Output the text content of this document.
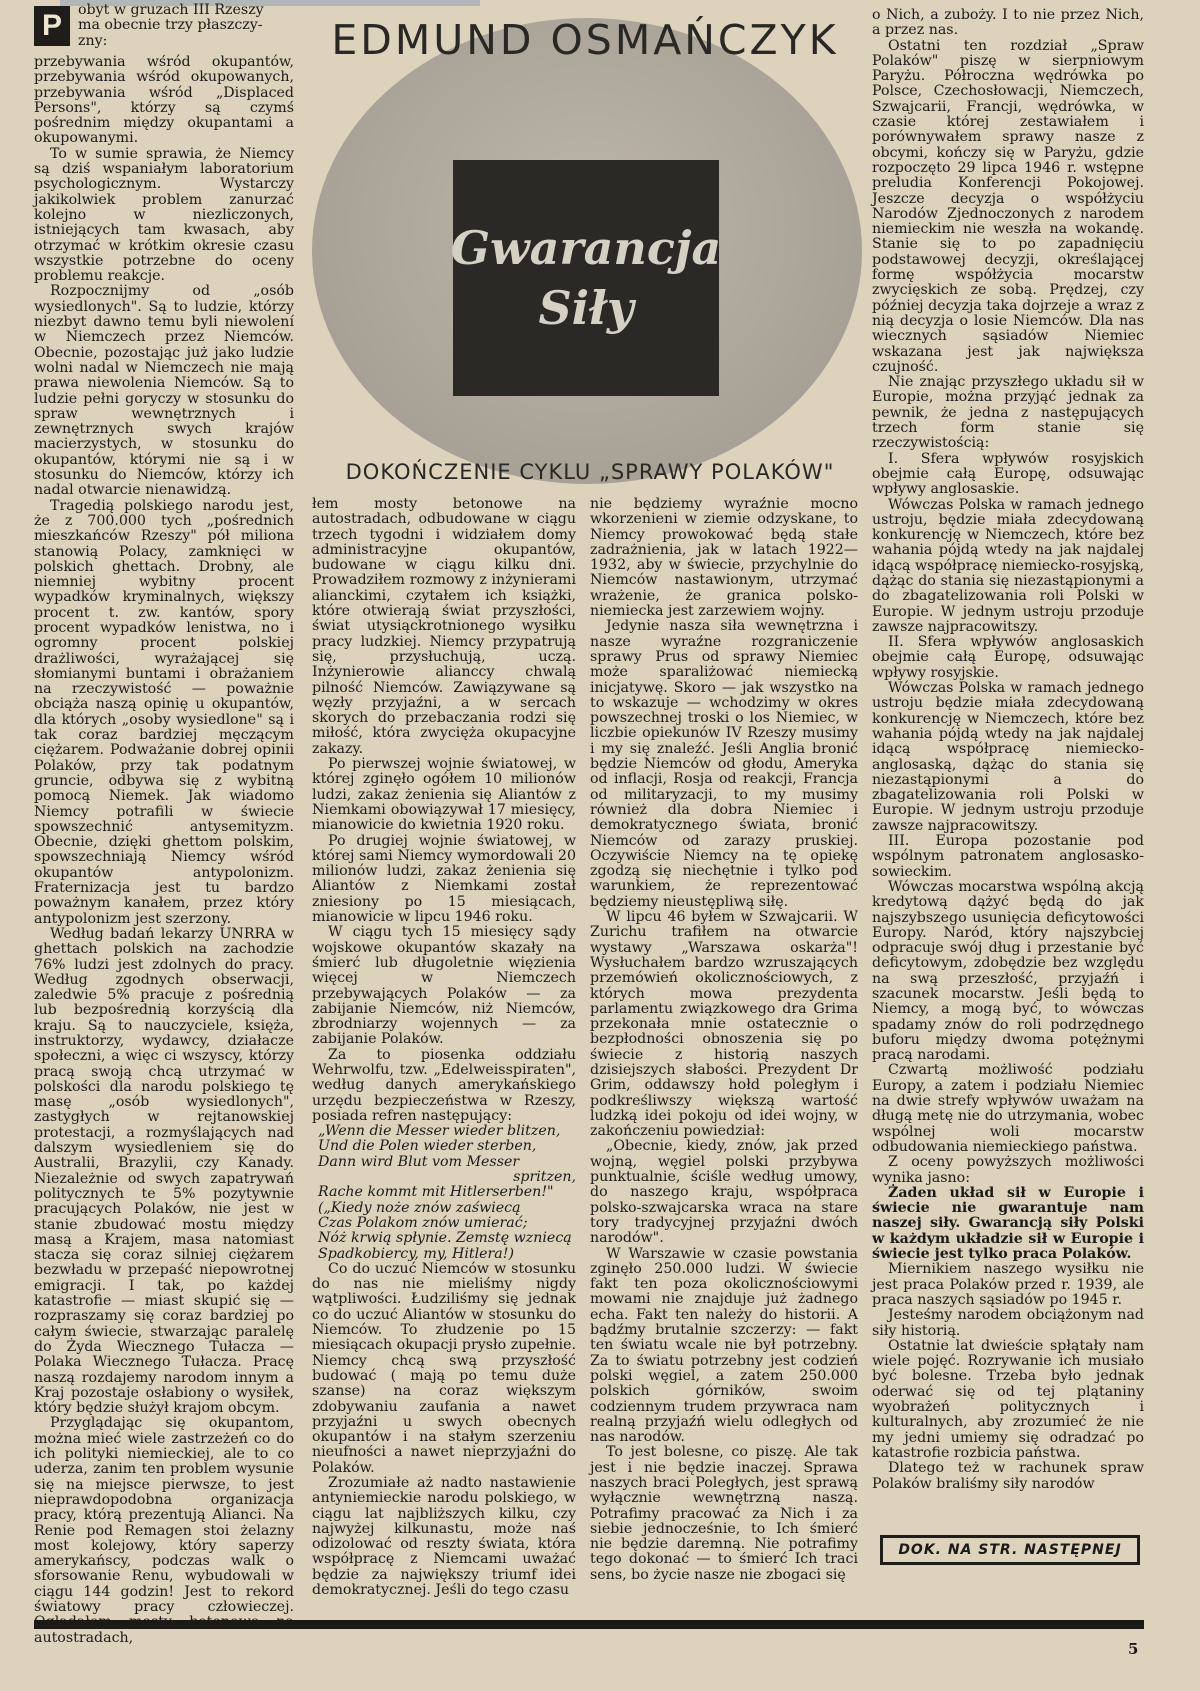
EDMUND OSMAŃCZYK
Gwarancja
Siły
DOKOŃCZENIE CYKLU „SPRAWY POLAKÓW"
P	obyt w gruzach III Rzeszy

ma obecnie trzy płaszczy-

zny:

przebywania wśród okupantów, przebywania wśród okupowanych, przebywania wśród „Displaced Persons", którzy są czymś pośrednim między okupantami a okupowanymi.

To w sumie sprawia, że Niemcy są dziś wspaniałym laboratorium psychologicznym. Wystarczy jakikolwiek problem zanurzać kolejno w niezliczonych, istniejących tam kwasach, aby otrzymać w krótkim okresie czasu wszystkie potrzebne do oceny problemu reakcje.

Rozpocznijmy od „osób wysiedlonych". Są to ludzie, którzy niezbyt dawno temu byli niewolení w Niemczech przez Niemców. Obecnie, pozostając już jako ludzie wolni nadal w Niemczech nie mają prawa niewolenia Niemców. Są to ludzie pełni goryczy w stosunku do spraw wewnętrznych i zewnętrznych swych krajów macierzystych, w stosunku do okupantów, którymi nie są i w stosunku do Niemców, którzy ich nadal otwarcie nienawidzą.

Tragedią polskiego narodu jest, że z 700.000 tych „pośrednich mieszkańców Rzeszy" pół miliona stanowią Polacy, zamknięci w polskich ghettach. Drobny, ale niemniej wybitny procent wypadków kryminalnych, większy procent t. zw. kantów, spory procent wypadków lenistwa, no i ogromny procent polskiej drażliwości, wyrażającej się słomianymi buntami i obrażaniem na rzeczywistość — poważnie obciąża naszą opinię u okupantów, dla których „osoby wysiedlone" są i tak coraz bardziej męczącym ciężarem. Podważanie dobrej opinii Polaków, przy tak podatnym gruncie, odbywa się z wybitną pomocą Niemek. Jak wiadomo Niemcy potrafili w świecie spowszechnić antysemityzm. Obecnie, dzięki ghettom polskim, spowszechniają Niemcy wśród okupantów antypolonizm. Fraternizacja jest tu bardzo poważnym kanałem, przez który antypolonizm jest szerzony.

Według badań lekarzy UNRRA w ghettach polskich na zachodzie 76% ludzi jest zdolnych do pracy. Według zgodnych obserwacji, zaledwie 5% pracuje z pośrednią lub bezpośrednią korzyścią dla kraju. Są to nauczyciele, księża, instruktorzy, wydawcy, działacze społeczni, a więc ci wszyscy, którzy pracą swoją chcą utrzymać w polskości dla narodu polskiego tę masę „osób wysiedlonych", zastygłych w rejtanowskiej protestacji, a rozmyślających nad dalszym wysiedleniem się do Australii, Brazylii, czy Kanady. Niezależnie od swych zapatrywań politycznych te 5% pozytywnie pracujących Polaków, nie jest w stanie zbudować mostu między masą a Krajem, masa natomiast stacza się coraz silniej ciężarem bezwładu w przepaść niepowrotnej emigracji. I tak, po każdej katastrofie — miast skupić się — rozpraszamy się coraz bardziej po całym świecie, stwarzając paralelę do Żyda Wiecznego Tułacza — Polaka Wiecznego Tułacza. Pracę naszą rozdajemy narodom innym a Kraj pozostaje osłabiony o wysiłek, który będzie służył krajom obcym.

Przyglądając się okupantom, można mieć wiele zastrzeżeń co do ich polityki niemieckiej, ale to co uderza, zanim ten problem wysunie się na miejsce pierwsze, to jest nieprawdopodobna organizacja pracy, którą prezentują Alianci. Na Renie pod Remagen stoi żelazny most kolejowy, który saperzy amerykańscy, podczas walk o sforsowanie Renu, wybudowali w ciągu 144 godzin! Jest to rekord światowy pracy człowieczej. autostradach,

łem mosty betonowe na autostradach, odbudowane w ciągu trzech tygodni i widziałem domy administracyjne okupantów, budowane w ciągu kilku dni. Prowadziłem rozmowy z inżynierami alianckimi, czytałem ich książki, które otwierają świat przyszłości, świat utysiąckrotnionego wysiłku pracy ludzkiej. Niemcy przypatrują się, przysłuchują, uczą. Inżynierowie alianccy chwalą pilność Niemców. Zawiązywane są węzły przyjaźni, a w sercach skorych do przebaczania rodzi się miłość, która zwycięża okupacyjne zakazy.

Po pierwszej wojnie światowej, w której zginęło ogółem 10 milionów ludzi, zakaz żenienia się Aliantów z Niemkami obowiązywał 17 miesięcy, mianowicie do kwietnia 1920 roku.

Po drugiej wojnie światowej, w której sami Niemcy wymordowali 20 milionów ludzi, zakaz żenienia się Aliantów z Niemkami został zniesiony po 15 miesiącach, mianowicie w lipcu 1946 roku.

W ciągu tych 15 miesięcy sądy wojskowe okupantów skazały na śmierć lub długoletnie więzienia więcej w Niemczech przebywających Polaków — za zabijanie Niemców, niż Niemców, zbrodniarzy wojennych — za zabijanie Polaków.

Za to piosenka oddziału Wehrwolfu, tzw. „Edelweisspiraten", według danych amerykańskiego urzędu bezpieczeństwa w Rzeszy, posiada refren następujący:

„Wenn die Messer wieder blitzen,

Und die Polen wieder sterben,

Dann wird Blut vom Messer

spritzen,

Rache kommt mit Hitlerserben!"

(„Kiedy noże znów zaświecą

Czas Polakom znów umierać;

Nóż krwią spłynie. Zemstę wzniecą

Spadkobiercy, my, Hitlera!)

Co do uczuć Niemców w stosunku do nas nie mieliśmy nigdy wątpliwości. Łudziliśmy się jednak co do uczuć Aliantów w stosunku do Niemców. To złudzenie po 15 miesiącach okupacji prysło zupełnie. Niemcy chcą swą przyszłość budować ( mają po temu duże szanse) na coraz większym zdobywaniu zaufania a nawet przyjaźni u swych obecnych okupantów i na stałym szerzeniu nieufności a nawet nieprzyjaźni do Polaków.

Zrozumiałe aż nadto nastawienie antyniemieckie narodu polskiego, w ciągu lat najbliższych kilku, czy najwyżej kilkunastu, może naś odizolować od reszty świata, która współpracę z Niemcami uważać będzie za największy triumf idei demokratycznej. Jeśli do tego czasu

nie będziemy wyraźnie mocno wkorzenieni w ziemie odzyskane, to Niemcy prowokować będą stałe zadrażnienia, jak w latach 1922—1932, aby w świecie, przychylnie do Niemców nastawionym, utrzymać wrażenie, że granica polsko-niemiecka jest zarzewiem wojny.

Jedynie nasza siła wewnętrzna i nasze wyraźne rozgraniczenie sprawy Prus od sprawy Niemiec może sparaliżować niemiecką inicjatywę. Skoro — jak wszystko na to wskazuje — wchodzimy w okres powszechnej troski o los Niemiec, w liczbie opiekunów IV Rzeszy musimy i my się znaleźć. Jeśli Anglia bronić będzie Niemców od głodu, Ameryka od inflacji, Rosja od reakcji, Francja od militaryzacji, to my musimy również dla dobra Niemiec i demokratycznego świata, bronić Niemców od zarazy pruskiej. Oczywiście Niemcy na tę opiekę zgodzą się niechętnie i tylko pod warunkiem, że reprezentować będziemy nieustępliwą siłę.

W lipcu 46 byłem w Szwajcarii. W Zurichu trafiłem na otwarcie wystawy „Warszawa oskarża"! Wysłuchałem bardzo wzruszających przemówień okolicznościowych, z których mowa prezydenta parlamentu związkowego dra Grima przekonała mnie ostatecznie o bezpłodności obnoszenia się po świecie z historią naszych dzisiejszych słabości. Prezydent Dr Grim, oddawszy hołd poległym i podkreśliwszy większą wartość ludzką idei pokoju od idei wojny, w zakończeniu powiedział:

„Obecnie, kiedy, znów, jak przed wojną, węgiel polski przybywa punktualnie, ściśle według umowy, do naszego kraju, współpraca polsko-szwajcarska wraca na stare tory tradycyjnej przyjaźni dwóch narodów".

W Warszawie w czasie powstania zginęło 250.000 ludzi. W świecie fakt ten poza okolicznościowymi mowami nie znajduje już żadnego echa. Fakt ten należy do historii. A bądźmy brutalnie szczerzy: — fakt ten światu wcale nie był potrzebny. Za to światu potrzebny jest codzień polski węgiel, a zatem 250.000 polskich górników, swoim codziennym trudem przywraca nam realną przyjaźń wielu odległych od nas narodów.

To jest bolesne, co piszę. Ale tak jest i nie będzie inaczej. Sprawa naszych braci Poległych, jest sprawą wyłącznie wewnętrzną naszą. Potrafimy pracować za Nich i za siebie jednocześnie, to Ich śmierć nie będzie daremną. Nie potrafimy tego dokonać — to śmierć Ich traci sens, bo życie nasze nie zbogaci się

o Nich, a zuboży. I to nie przez Nich, a przez nas.

Ostatni ten rozdział „Spraw Polaków" piszę w sierpniowym Paryżu. Półroczna wędrówka po Polsce, Czechosłowacji, Niemczech, Szwajcarii, Francji, wędrówka, w czasie której zestawiałem i porównywałem sprawy nasze z obcymi, kończy się w Paryżu, gdzie rozpoczęto 29 lipca 1946 r. wstępne preludia Konferencji Pokojowej. Jeszcze decyzja o współżyciu Narodów Zjednoczonych z narodem niemieckim nie weszła na wokandę. Stanie się to po zapadnięciu podstawowej decyzji, określającej formę współżycia mocarstw zwycięskich ze sobą. Prędzej, czy później decyzja taka dojrzeje a wraz z nią decyzja o losie Niemców. Dla nas wiecznych sąsiadów Niemiec wskazana jest jak największa czujność.

Nie znając przyszłego układu sił w Europie, można przyjąć jednak za pewnik, że jedna z następujących trzech form stanie się rzeczywistością:

I. Sfera wpływów rosyjskich obejmie całą Europę, odsuwając wpływy anglosaskie.

Wówczas Polska w ramach jednego ustroju, będzie miała zdecydowaną konkurencję w Niemczech, które bez wahania pójdą wtedy na jak najdalej idącą współpracę niemiecko-rosyjską, dążąc do stania się niezastąpionymi a do zbagatelizowania roli Polski w Europie. W jednym ustroju przoduje zawsze najpracowitszy.

II. Sfera wpływów anglosaskich obejmie całą Europę, odsuwając wpływy rosyjskie.

Wówczas Polska w ramach jednego ustroju będzie miała zdecydowaną konkurencję w Niemczech, które bez wahania pójdą wtedy na jak najdalej idącą współpracę niemiecko-anglosaską, dążąc do stania się niezastąpionymi a do zbagatelizowania roli Polski w Europie. W jednym ustroju przoduje zawsze najpracowitszy.

III. Europa pozostanie pod wspólnym patronatem anglosasko-sowieckim.

Wówczas mocarstwa wspólną akcją kredytową dążyć będą do jak najszybszego usunięcia deficytowości Europy. Naród, który najszybciej odpracuje swój dług i przestanie być deficytowym, zdobędzie bez względu na swą przeszłość, przyjaźń i szacunek mocarstw. Jeśli będą to Niemcy, a mogą być, to wówczas spadamy znów do roli podrzędnego buforu między dwoma potężnymi pracą narodami.

Czwartą możliwość podziału Europy, a zatem i podziału Niemiec na dwie strefy wpływów uważam na długą metę nie do utrzymania, wobec wspólnej woli mocarstw odbudowania niemieckiego państwa.

Z oceny powyższych możliwości wynika jasno:

Żaden układ sił w Europie i świecie nie gwarantuje nam naszej siły. Gwarancją siły Polski w każdym układzie sił w Europie i świecie jest tylko praca Polaków.

Miernikiem naszego wysiłku nie jest praca Polaków przed r. 1939, ale praca naszych sąsiadów po 1945 r.

Jesteśmy narodem obciążonym nad siły historią.

Ostatnie lat dwieście spłątały nam wiele pojęć. Rozrywanie ich musiało być bolesne. Trzeba było jednak oderwać się od tej plątaniny wyobrażeń politycznych i kulturalnych, aby zrozumieć że nie my jedni umiemy się odradzać po katastrofie rozbicia państwa.

Dlatego też w rachunek spraw Polaków braliśmy siły narodów

DOK. NA STR. NASTĘPNEJ
5
